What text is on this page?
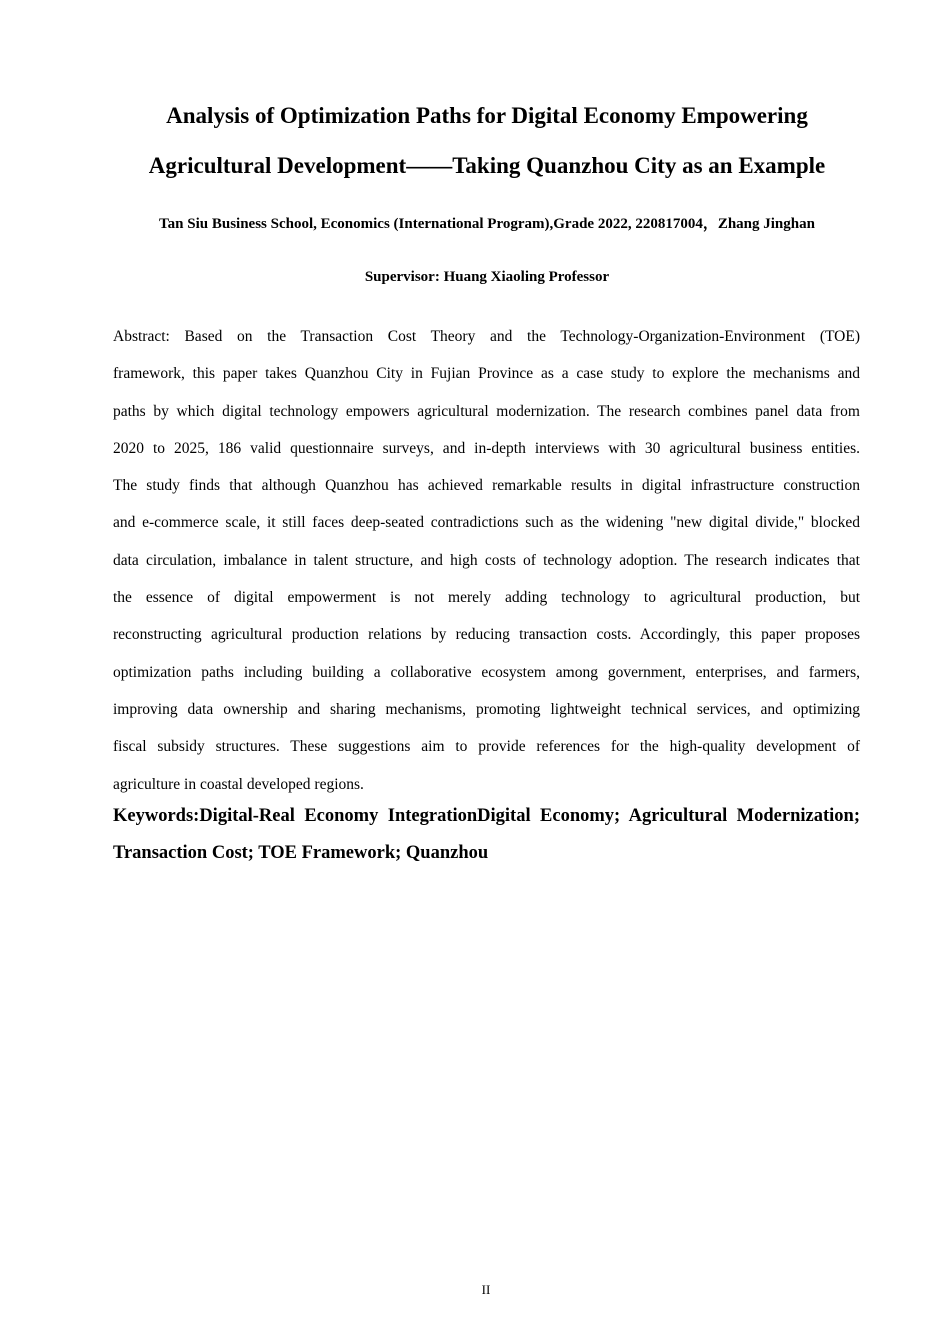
Analysis of Optimization Paths for Digital Economy Empowering
Agricultural Development——Taking Quanzhou City as an Example
Tan Siu Business School, Economics (International Program),Grade 2022, 220817004，Zhang Jinghan
Supervisor: Huang Xiaoling Professor
Abstract: Based on the Transaction Cost Theory and the Technology-Organization-Environment (TOE)
framework, this paper takes Quanzhou City in Fujian Province as a case study to explore the mechanisms and
paths by which digital technology empowers agricultural modernization. The research combines panel data from
2020 to 2025, 186 valid questionnaire surveys, and in-depth interviews with 30 agricultural business entities.
The study finds that although Quanzhou has achieved remarkable results in digital infrastructure construction
and e-commerce scale, it still faces deep-seated contradictions such as the widening "new digital divide," blocked
data circulation, imbalance in talent structure, and high costs of technology adoption. The research indicates that
the essence of digital empowerment is not merely adding technology to agricultural production, but
reconstructing agricultural production relations by reducing transaction costs. Accordingly, this paper proposes
optimization paths including building a collaborative ecosystem among government, enterprises, and farmers,
improving data ownership and sharing mechanisms, promoting lightweight technical services, and optimizing
fiscal subsidy structures. These suggestions aim to provide references for the high-quality development of
agriculture in coastal developed regions.
Keywords:Digital-Real Economy IntegrationDigital Economy; Agricultural Modernization;
Transaction Cost; TOE Framework; Quanzhou
II
